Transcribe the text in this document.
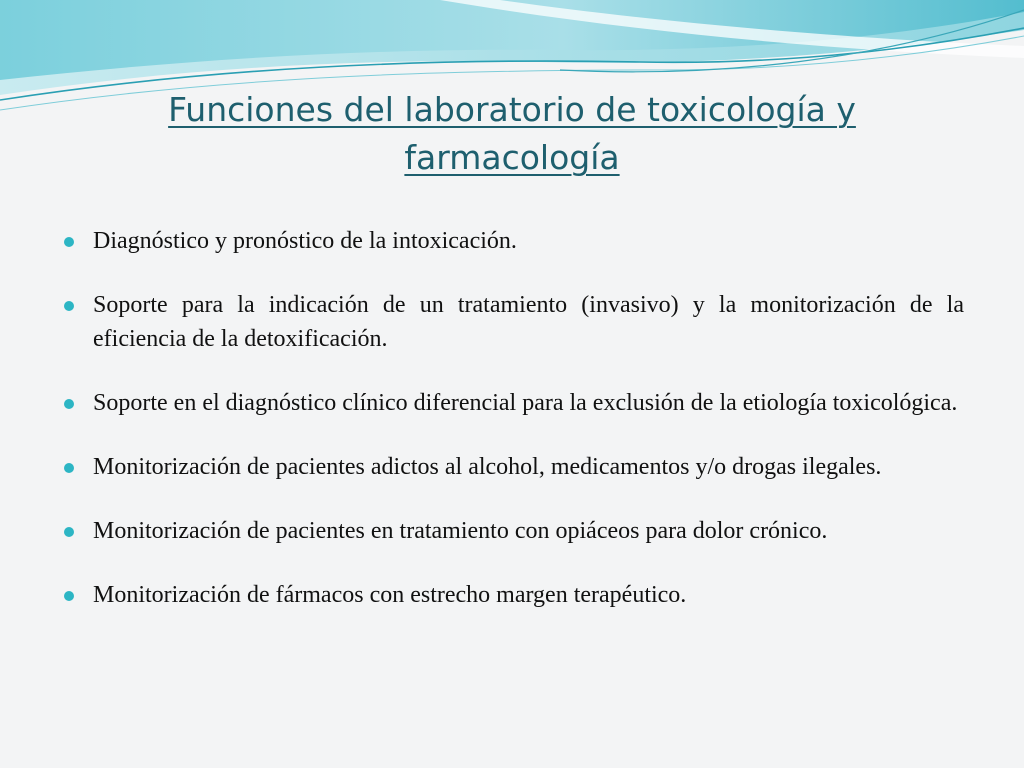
Funciones del laboratorio de toxicología y farmacología
Diagnóstico y pronóstico de la intoxicación.
Soporte para la indicación de un tratamiento (invasivo) y la monitorización de la eficiencia de la detoxificación.
Soporte en el diagnóstico clínico diferencial para la exclusión de la etiología toxicológica.
Monitorización de pacientes adictos al alcohol, medicamentos y/o drogas ilegales.
Monitorización de pacientes en tratamiento con opiáceos para dolor crónico.
Monitorización de fármacos con estrecho margen terapéutico.
